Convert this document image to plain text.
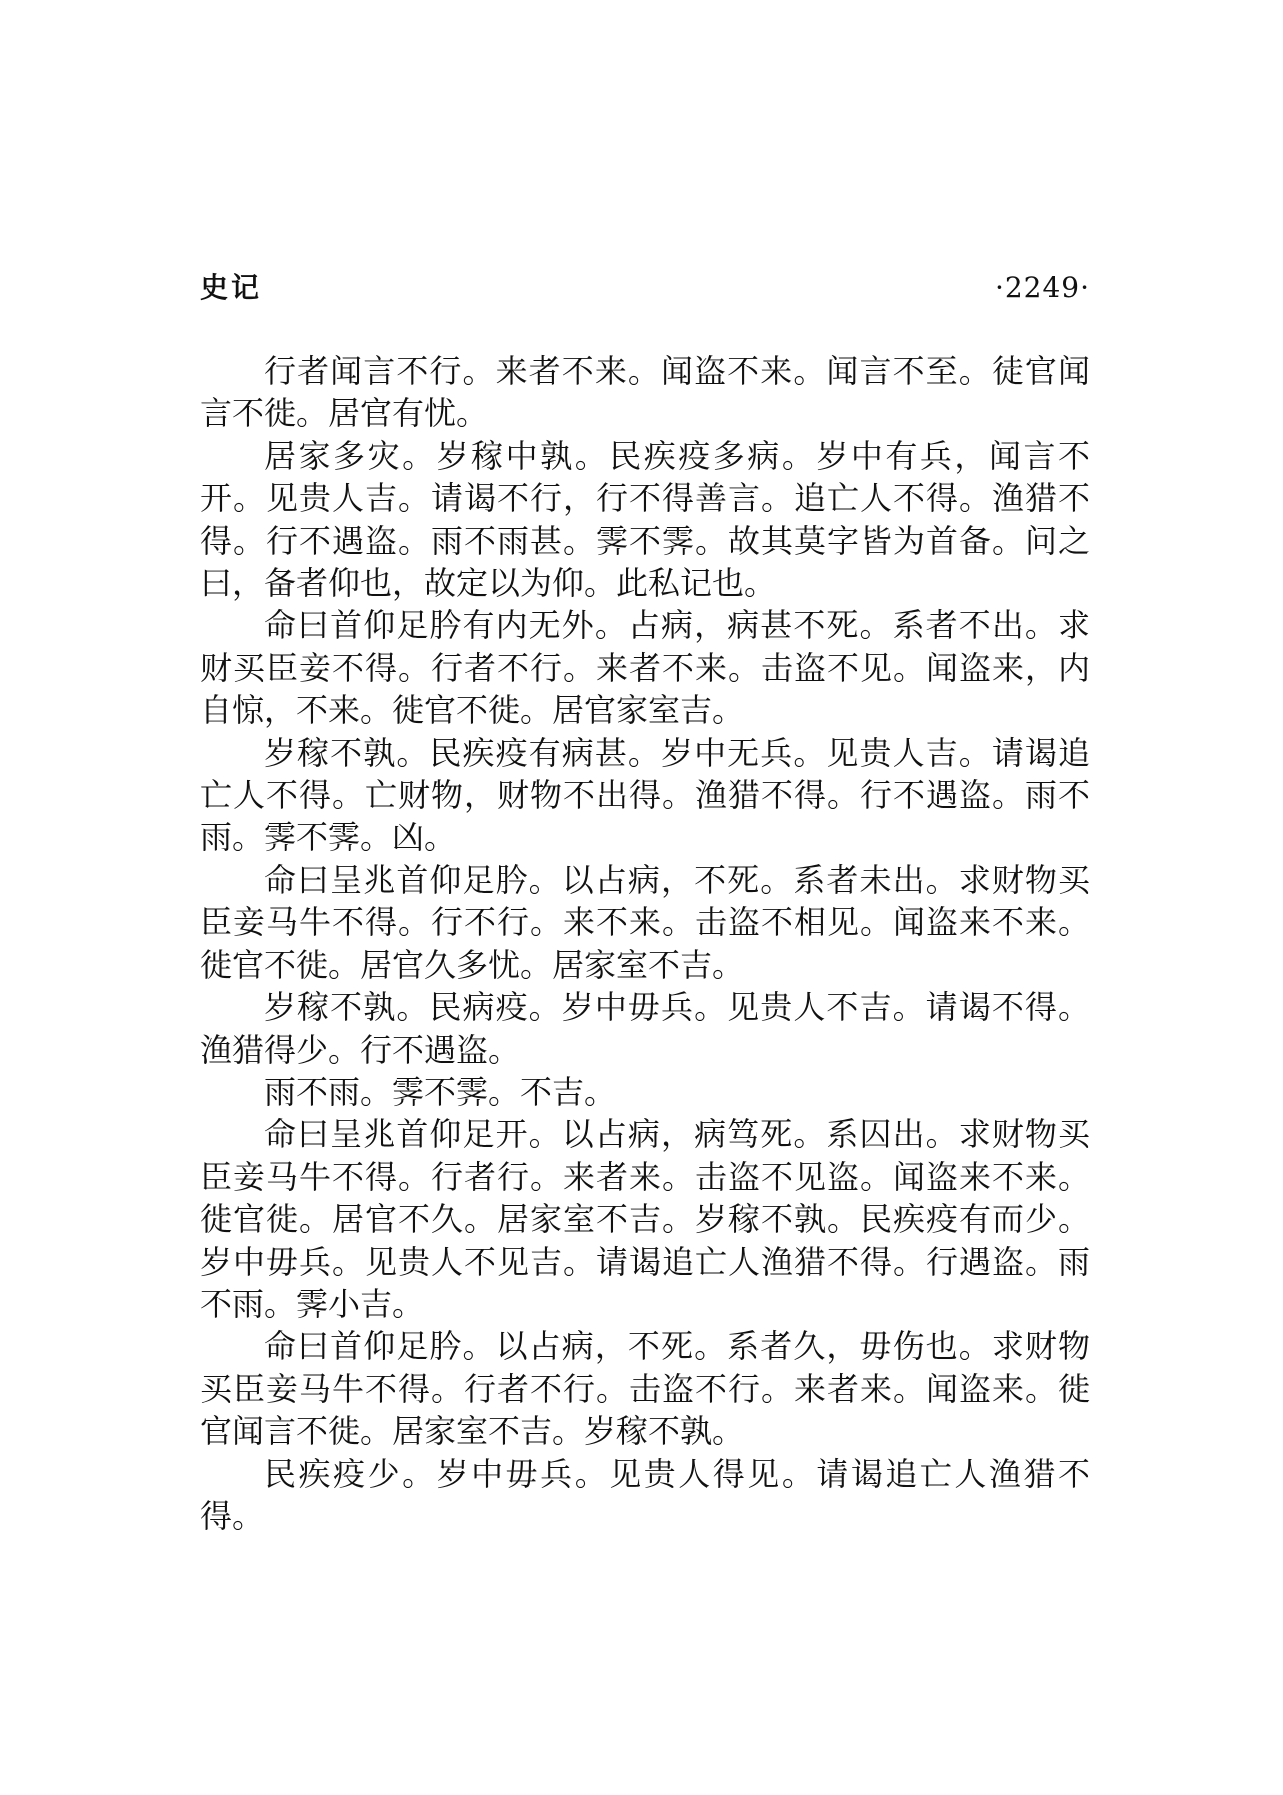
史记	·2249·

行者闻言不行。来者不来。闻盗不来。闻言不至。徒官闻言不徙。居官有忧。

居家多灾。岁稼中孰。民疾疫多病。岁中有兵，闻言不开。见贵人吉。请谒不行，行不得善言。追亡人不得。渔猎不得。行不遇盗。雨不雨甚。霁不霁。故其莫字皆为首备。问之曰，备者仰也，故定以为仰。此私记也。

命曰首仰足肣有内无外。占病，病甚不死。系者不出。求财买臣妾不得。行者不行。来者不来。击盗不见。闻盗来，内自惊，不来。徙官不徙。居官家室吉。

岁稼不孰。民疾疫有病甚。岁中无兵。见贵人吉。请谒追亡人不得。亡财物，财物不出得。渔猎不得。行不遇盗。雨不雨。霁不霁。凶。

命曰呈兆首仰足肣。以占病，不死。系者未出。求财物买臣妾马牛不得。行不行。来不来。击盗不相见。闻盗来不来。徙官不徙。居官久多忧。居家室不吉。

岁稼不孰。民病疫。岁中毋兵。见贵人不吉。请谒不得。渔猎得少。行不遇盗。

雨不雨。霁不霁。不吉。

命曰呈兆首仰足开。以占病，病笃死。系囚出。求财物买臣妾马牛不得。行者行。来者来。击盗不见盗。闻盗来不来。徙官徙。居官不久。居家室不吉。岁稼不孰。民疾疫有而少。岁中毋兵。见贵人不见吉。请谒追亡人渔猎不得。行遇盗。雨不雨。霁小吉。

命曰首仰足肣。以占病，不死。系者久，毋伤也。求财物买臣妾马牛不得。行者不行。击盗不行。来者来。闻盗来。徙官闻言不徙。居家室不吉。岁稼不孰。

民疾疫少。岁中毋兵。见贵人得见。请谒追亡人渔猎不得。
